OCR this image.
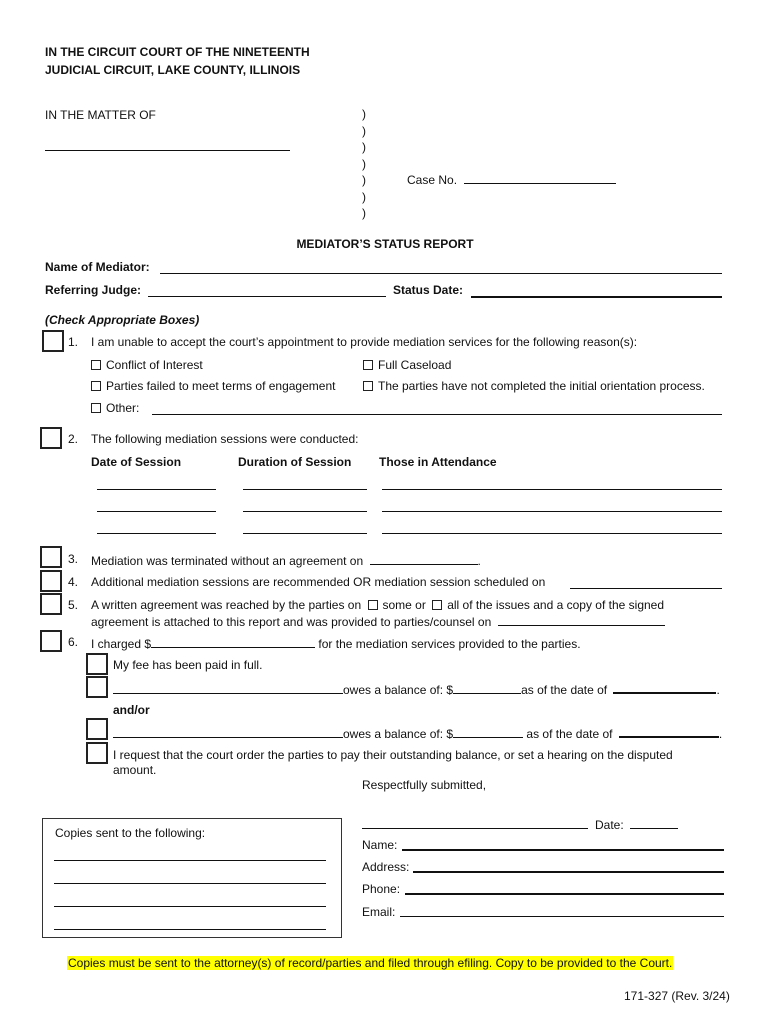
IN THE CIRCUIT COURT OF THE NINETEENTH
JUDICIAL CIRCUIT, LAKE COUNTY, ILLINOIS
IN THE MATTER OF	)
)
)
)
)
)
)
Case No.
MEDIATOR’S STATUS REPORT
Name of Mediator:
Referring Judge:	Status Date:
(Check Appropriate Boxes)
1. I am unable to accept the court’s appointment to provide mediation services for the following reason(s):
Conflict of Interest	Full Caseload
Parties failed to meet terms of engagement	The parties have not completed the initial orientation process.
Other:
2. The following mediation sessions were conducted:
Date of Session	Duration of Session Those in Attendance
3. Mediation was terminated without an agreement on	.
4. Additional mediation sessions are recommended OR mediation session scheduled on
5. A written agreement was reached by the parties on some or all of the issues and a copy of the signed
agreement is attached to this report and was provided to parties/counsel on
6. I charged $	for the mediation services provided to the parties.
My fee has been paid in full.
owes a balance of: $	as of the date of	.
and/or
owes a balance of: $	as of the date of	.
I request that the court order the parties to pay their outstanding balance, or set a hearing on the disputed
amount.
Respectfully submitted,
Date:
Name:
Address:
Phone:
Email:
Copies sent to the following:
Copies must be sent to the attorney(s) of record/parties and filed through efiling. Copy to be provided to the Court.
171-327 (Rev. 3/24)
